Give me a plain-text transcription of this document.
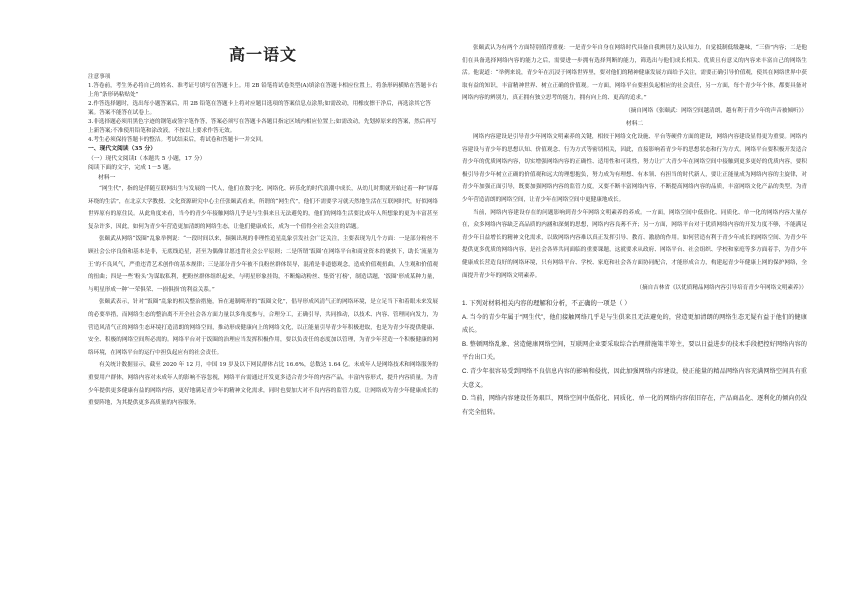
高一语文
注意事项
1.答卷前，考生务必将自己的姓名、准考证号填写在答题卡上。用 2B 铅笔将试卷类型(A)填涂在答题卡相应位置上，将条形码横贴在答题卡右上角“条形码粘贴处”
2.作答选择题时，选出每小题答案后，用 2B 铅笔在答题卡上将对应题目选项的答案信息点涂黑;如需改动，用橡皮擦干净后，再选涂其它答案。答案不能答在试卷上。
3.非选择题必须用黑色字迹的钢笔或签字笔作答，答案必须写在答题卡各题目指定区域内相应位置上;如需改动，先划掉原来的答案，然后再写上新答案;不准使用铅笔和涂改液。不按以上要求作答无效。
4.考生必须保持答题卡的整洁。考试结束后，将试卷和答题卡一并交回。
一、现代文阅读（35 分）
（一）现代文阅读Ⅰ（本题共 5 小题，17 分）
阅读下面的文字，完成 1－5 题。
材料一

“网生代”，指的是伴随互联网出生与发展的一代人，他们在数字化、网络化、碎乐化的时代浪潮中成长，从幼儿时期就开始过着一种“屏幕环绕的生活”，在北京大学教授、文化资源研究中心主任张颐武看来，所谓的“网生代”，他们不需要学习就天然地生活在互联网时代，好似网络世界原有的原住民。从此角度来看，当今的青少年接触网络几乎是与生俱来且无法避免的，他们的网络生活要比成年人所想象的更为丰富甚至复杂许多，因此，如何为青少年营造更加清朗的网络生态，让他们健康成长，成为一个值得全社会关注的话题。

张颐武从网络“饭圈”乱象举例说：“一段时间以来，频频出现的非理性追星乱象引发社会广泛关注，主要表现为几个方面：一是部分粉丝不顾社会公序良俗和基本是非，无底线追星，甚至为偶像甘愿违背社会公平原则；二是所谓‘饭圈’在网络平台和商业资本的裹挟下，助长‘流量为王’的不良风气，严重违背艺术创作的基本规律；三是部分青少年被不良粉丝群体误导，混淆是非道德观念，造成价值观扭曲，人生观和价值观的扭曲；四是一些‘粉头’为谋取私利，把粉丝群体组织起来，与明星形象挂钩，不断煽动粉丝、集资‘打榜’，制造话题，‘饭圈’形成某种力量，与明星形成一种‘一荣俱荣、一损俱损’的利益关系。”

张颐武表示，针对“饭圈”乱象的相关整治措施，旨在遏制畸形的“饭圈文化”，倡导形成风清气正的网络环境，是立足当下和着眼未来发展的必要举措，而网络生态的整治离不开全社会各方面力量以多角度参与，合理分工，正确引导，共同推动，以技术、内容、管理同向发力，为营造风清气正的网络生态环境打造清朗的网络空间，推动形成健康向上的网络文化，以正能量引导青少年积极进取，也是为青少年提供健康、安全、积极的网络空间所必需的。网络平台对于饭圈的治理应当发挥积极作用，要以负责任的态度加以管理，为青少年营造一个积极健康的网络环境，在网络平台的运行中担负起应有的社会责任。

有关统计数据显示，截至 2020 年 12 月，中国 19 岁及以下网民群体占比 16.6%，总数达 1.64 亿。未成年人是网络技术和网络服务的重要用户群体，网络内容对未成年人的影响不容忽视，网络平台需通过开发更多适合青少年的内容产品，丰富内容形式，提升内容质量，为青少年提供更多健康有益的网络内容，更好地满足青少年的精神文化需求，同时也要加大对不良内容的监管力度，让网络成为青少年健康成长的重要阵地，为其提供更多高质量的内容服务。

张颐武认为有两个方面特别值得重视：一是青少年自身在网络时代具备自我辨别力及认知力，自觉抵制低级趣味，“三俗”内容；二是他们在具备选择网络内容的能力之后，需要进一步拥有选择判断的能力，筛选出与他们成长相关、优质且有意义的内容来丰富自己的网络生活。他说道：“举例来说，青少年在沉浸于网络世界里，要对他们的精神健康发展方面给予关注，需要正确引导价值观，使其在网络世界中获取有益的知识，丰富精神世界、树立正确的价值观。一方面，网络平台要担负起相应的社会责任，另一方面，每个青少年个体，都要具备对网络内容的辨别力，真正拥有独立思考的能力，拥有向上的、更高的追求。”

（摘自网络《张颐武：网络空间越清朗，越有利于青少年的声音被倾听》）
材料二

网络内容建设是引导青少年网络文明素养的关键，相较于网络文化设施、平台等硬件方面的建设，网络内容建设显得更为重要。网络内容建设与青少年的思想认知、价值观念、行为方式等密切相关，因此，直接影响着青少年的思想状态和行为方式。网络平台要积极开发适合青少年的优质网络内容，切实增强网络内容的正确性、适用性和可读性，努力让广大青少年在网络空间中接触到更多更好的优质内容，要积极引导青少年树立正确的价值观和远大的理想抱负，努力成为有理想、有本领、有担当的时代新人，要让正能量成为网络内容的主旋律，对青少年加强正面引导，既要加强网络内容的监管力度，又要不断丰富网络内容，不断提高网络内容的品质，丰富网络文化产品的类型，为青少年营造清朗的网络空间，让青少年在网络空间中更健康地成长。

当前，网络内容建设存在的问题影响到青少年网络文明素养的养成。一方面，网络空间中低俗化、同质化、单一化的网络内容大量存在，众多网络内容缺乏高品质的内涵和深刻的思想，网络内容良莠不齐；另一方面，网络平台对于优质网络内容的开发力度不够，不能满足青少年日益增长的精神文化需求，以致网络内容难以真正发挥引导、教育、激励的作用。如何营造有利于青少年成长的网络空间、为青少年提供更多优质的网络内容，是社会各界共同面临的重要课题，这就要求从政府、网络平台、社会组织、学校和家庭等多方面着手，为青少年健康成长营造良好的网络环境，只有网络平台、学校、家庭和社会各方面协同配合，才能形成合力，构建起青少年健康上网的保护网络，全面提升青少年的网络文明素养。

（摘自吉林省《以优质精品网络内容引导培育青少年网络文明素养》）
1. 下列对材料相关内容的理解和分析，不正确的一项是（ ）
A. 当今的青少年属于“网生代”，他们接触网络几乎是与生俱来且无法避免的，营造更加清朗的网络生态无疑有益于他们的健康成长。
B. 整顿网络乱象、营造健康网络空间，互联网企业要采取综合治理措施策半筹主，要以日益进步的技术手段把控好网络内容的平台出口关。
C. 青少年很容易受到网络不良信息内容的影响和侵扰，因此加强网络内容建设，使正能量的精品网络内容充满网络空间具有重大意义。
D. 当前，网络内容建设任务艰巨，网络空间中低俗化、同质化、单一化的网络内容依旧存在，产品商品化、逐利化的倾向仍没有完全扭转。
